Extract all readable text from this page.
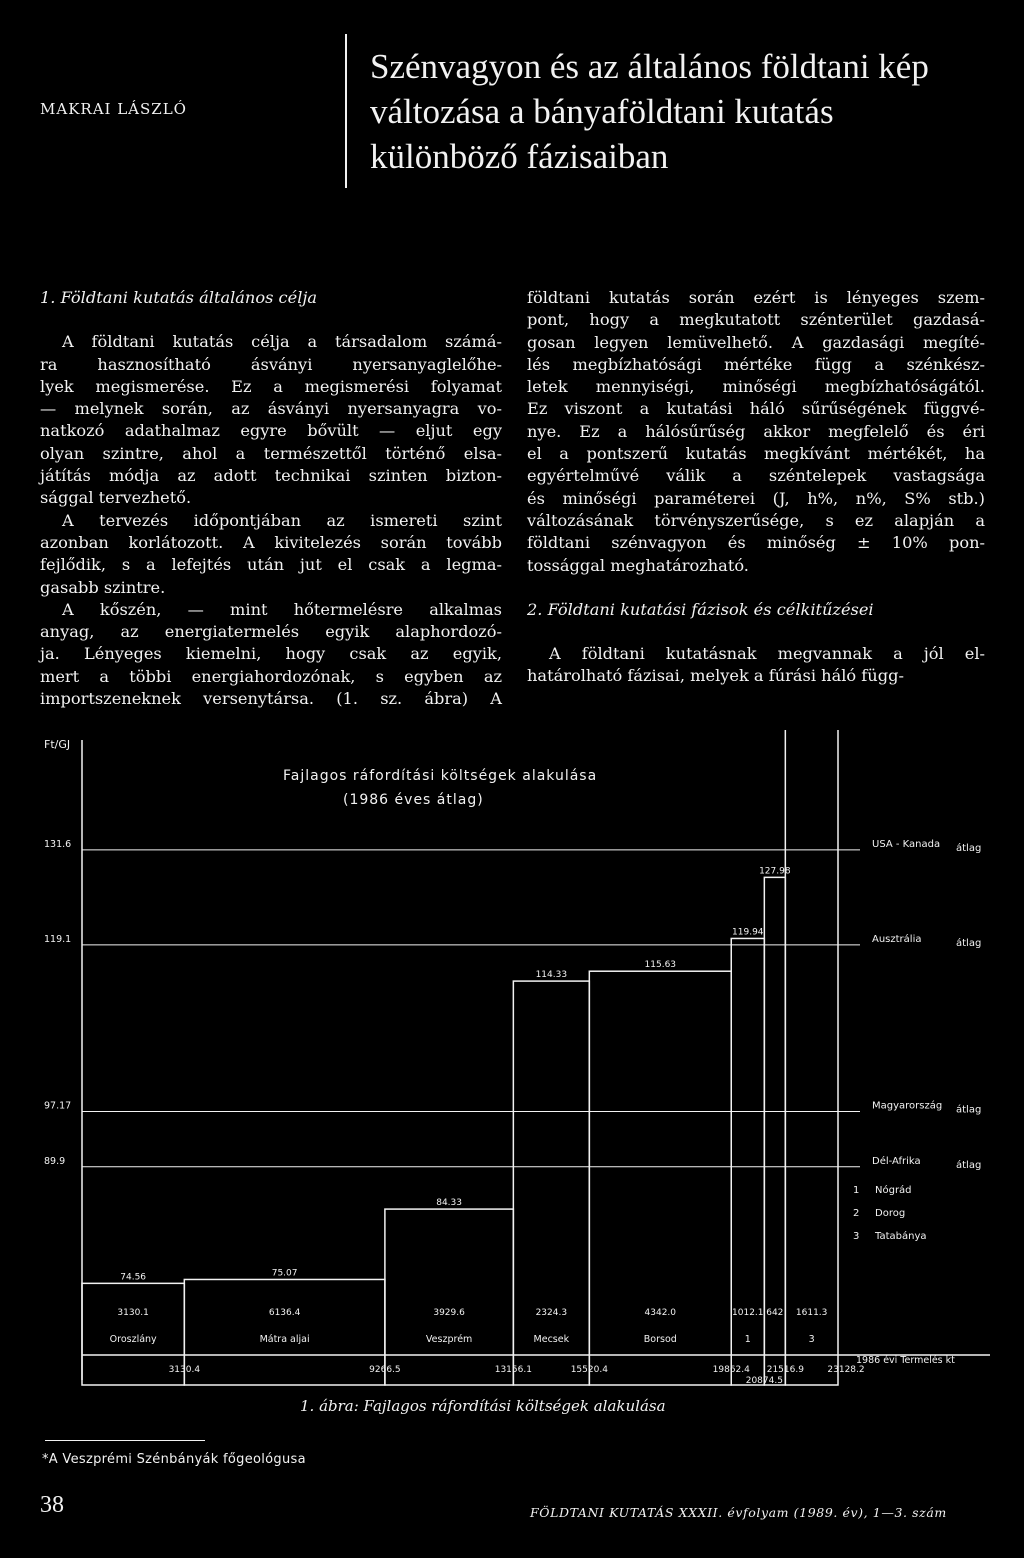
MAKRAI LÁSZLÓ
Szénvagyon és az általános földtani kép
változása a bányaföldtani kutatás
különböző fázisaiban

1. Földtani kutatás általános célja

A földtani kutatás célja a társadalom számá-

ra hasznosítható ásványi nyersanyaglelőhe-

lyek megismerése. Ez a megismerési folyamat

— melynek során, az ásványi nyersanyagra vo-

natkozó adathalmaz egyre bővült — eljut egy

olyan szintre, ahol a természettől történő elsa-

játítás módja az adott technikai szinten bizton-

sággal tervezhető.

A tervezés időpontjában az ismereti szint

azonban korlátozott. A kivitelezés során tovább

fejlődik, s a lefejtés után jut el csak a legma-

gasabb szintre.

A kőszén, — mint hőtermelésre alkalmas

anyag, az energiatermelés egyik alaphordozó-

ja. Lényeges kiemelni, hogy csak az egyik,

mert a többi energiahordozónak, s egyben az

importszeneknek versenytársa. (1. sz. ábra) A

földtani kutatás során ezért is lényeges szem-

pont, hogy a megkutatott szénterület gazdasá-

gosan legyen lemüvelhető. A gazdasági megíté-

lés megbízhatósági mértéke függ a szénkész-

letek mennyiségi, minőségi megbízhatóságától.

Ez viszont a kutatási háló sűrűségének függvé-

nye. Ez a hálósűrűség akkor megfelelő és éri

el a pontszerű kutatás megkívánt mértékét, ha

egyértelművé válik a széntelepek vastagsága

és minőségi paraméterei (J, h%, n%, S% stb.)

változásának törvényszerűsége, s ez alapján a

földtani szénvagyon és minőség ± 10% pon-

tossággal meghatározható.

2. Földtani kutatási fázisok és célkitűzései

A földtani kutatásnak megvannak a jól el-

határolható fázisai, melyek a fúrási háló függ-

Ft/GJ
Fajlagos ráfordítási költségek alakulása
(1986 éves átlag)
131.6	USA - Kanada átlag
119.1	Ausztrália	átlag
97.17	Magyarország átlag
89.9	Dél-Afrika	átlag
74.56	75.07
84.33
114.33
115.63
119.94
127.98
3130.1
Oroszlány
3130.4
6136.4
Mátra aljai
9266.5
3929.6
Veszprém
13156.1
2324.3
Mecsek
15520.4
4342.0
Borsod
19862.4
1012.1
1
20874.5
642
21516.9
1611.3
3
23128.2
1 Nógrád
2 Dorog
3 Tatabánya
1986 évi Termelés kt
1. ábra: Fajlagos ráfordítási költségek alakulása
*A Veszprémi Szénbányák főgeológusa
38	FÖLDTANI KUTATÁS XXXII. évfolyam (1989. év), 1—3. szám
